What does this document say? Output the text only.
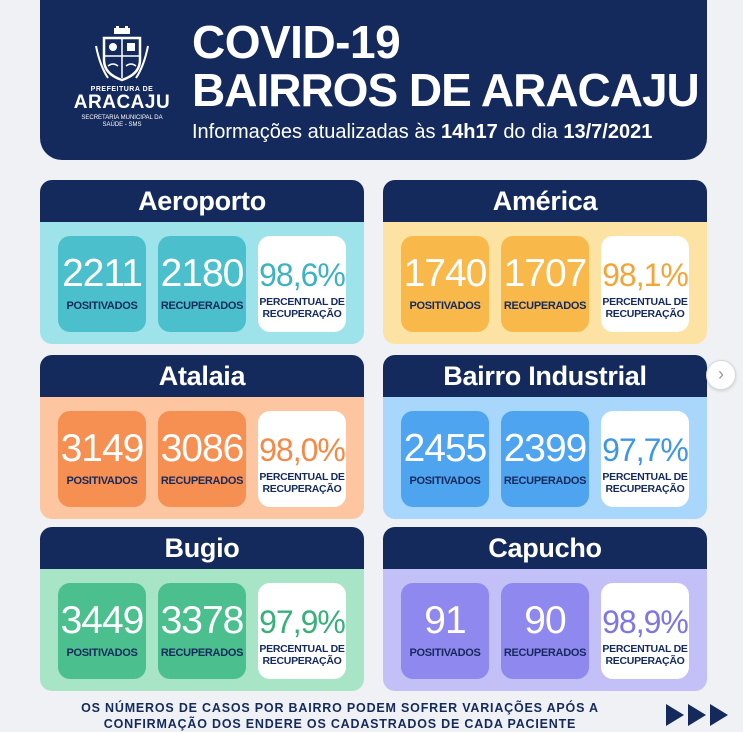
PREFEITURA DE
ARACAJU
SECRETARIA MUNICIPAL DA SAÚDE - SMS
COVID-19
BAIRROS DE ARACAJU
Informações atualizadas às 14h17 do dia 13/7/2021
Aeroporto
2211
POSITIVADOS
2180
RECUPERADOS
98,6%
PERCENTUAL DE
RECUPERAÇÃO
América
1740
POSITIVADOS
1707
RECUPERADOS
98,1%
PERCENTUAL DE
RECUPERAÇÃO
Atalaia
3149
POSITIVADOS
3086
RECUPERADOS
98,0%
PERCENTUAL DE
RECUPERAÇÃO
Bairro Industrial
2455
POSITIVADOS
2399
RECUPERADOS
97,7%
PERCENTUAL DE
RECUPERAÇÃO
Bugio
3449
POSITIVADOS
3378
RECUPERADOS
97,9%
PERCENTUAL DE
RECUPERAÇÃO
Capucho
91
POSITIVADOS
90
RECUPERADOS
98,9%
PERCENTUAL DE
RECUPERAÇÃO
›
OS NÚMEROS DE CASOS POR BAIRRO PODEM SOFRER VARIAÇÕES APÓS A
CONFIRMAÇÃO DOS ENDERE OS CADASTRADOS DE CADA PACIENTE
